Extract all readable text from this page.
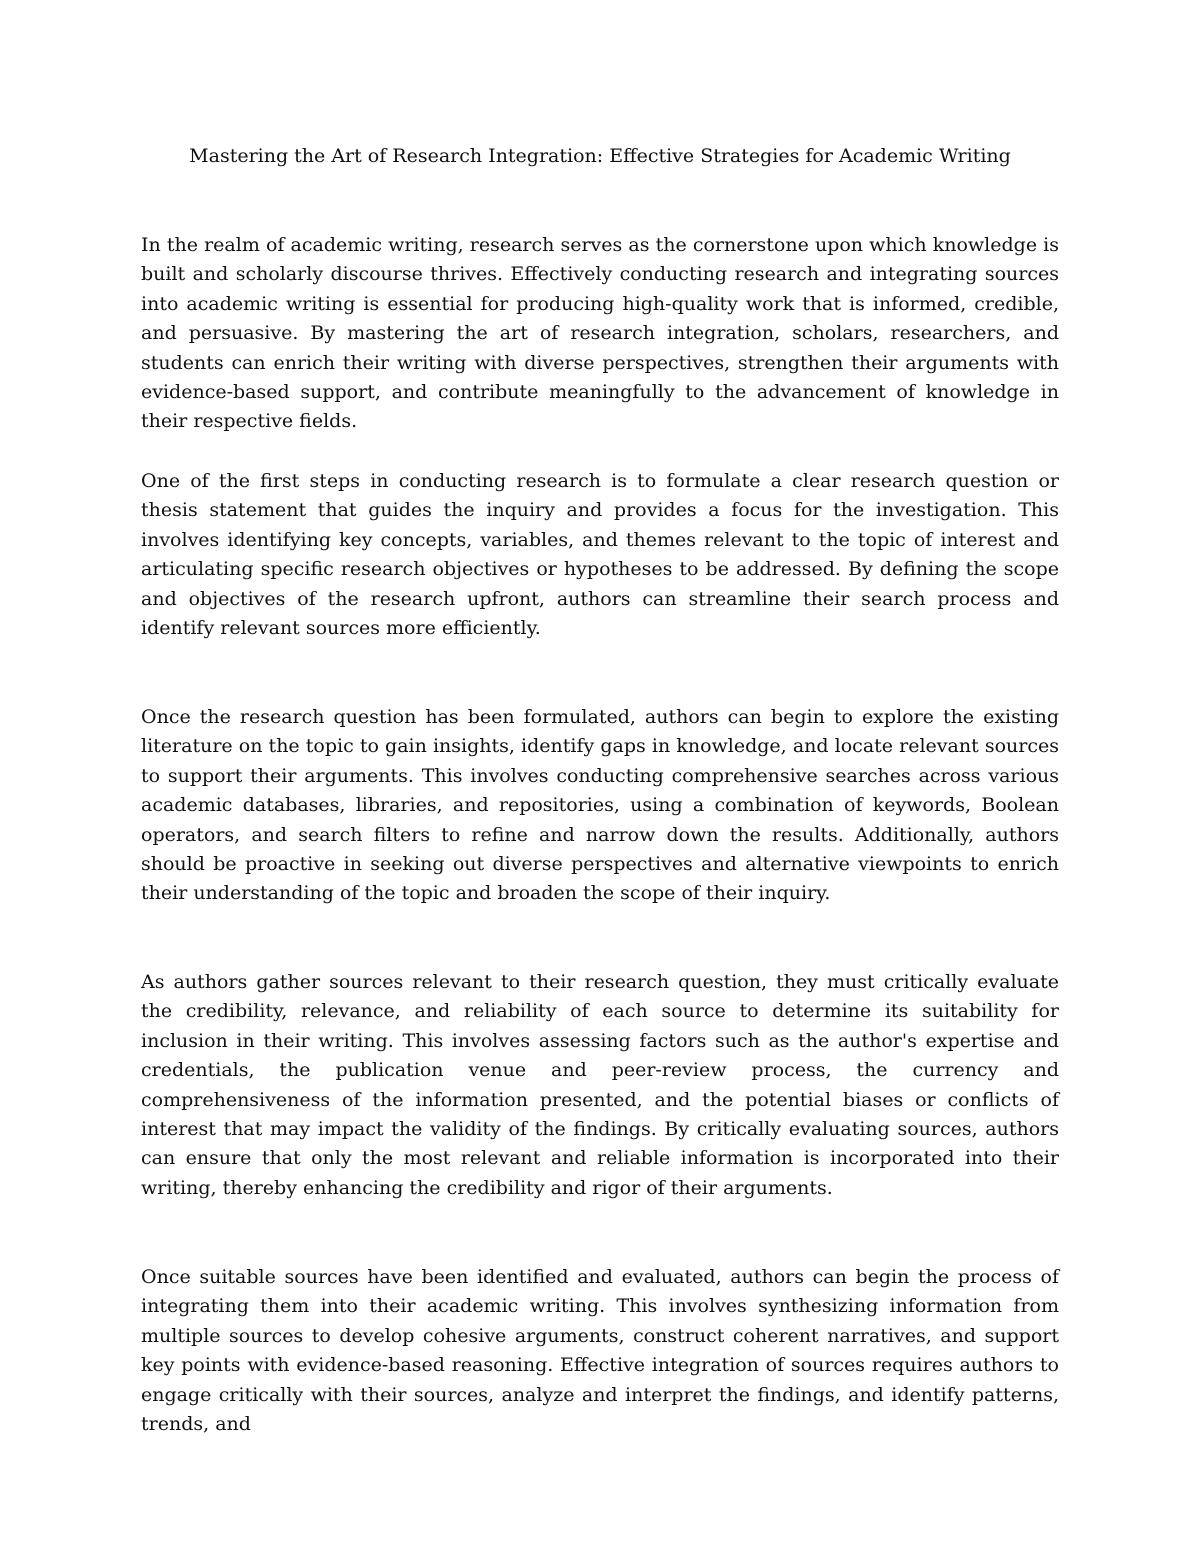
Mastering the Art of Research Integration: Effective Strategies for Academic Writing

In the realm of academic writing, research serves as the cornerstone upon which knowledge is built and scholarly discourse thrives. Effectively conducting research and integrating sources into academic writing is essential for producing high-quality work that is informed, credible, and persuasive. By mastering the art of research integration, scholars, researchers, and students can enrich their writing with diverse perspectives, strengthen their arguments with evidence-based support, and contribute meaningfully to the advancement of knowledge in their respective fields.

One of the first steps in conducting research is to formulate a clear research question or thesis statement that guides the inquiry and provides a focus for the investigation. This involves identifying key concepts, variables, and themes relevant to the topic of interest and articulating specific research objectives or hypotheses to be addressed. By defining the scope and objectives of the research upfront, authors can streamline their search process and identify relevant sources more efficiently.

Once the research question has been formulated, authors can begin to explore the existing literature on the topic to gain insights, identify gaps in knowledge, and locate relevant sources to support their arguments. This involves conducting comprehensive searches across various academic databases, libraries, and repositories, using a combination of keywords, Boolean operators, and search filters to refine and narrow down the results. Additionally, authors should be proactive in seeking out diverse perspectives and alternative viewpoints to enrich their understanding of the topic and broaden the scope of their inquiry.

As authors gather sources relevant to their research question, they must critically evaluate the credibility, relevance, and reliability of each source to determine its suitability for inclusion in their writing. This involves assessing factors such as the author's expertise and credentials, the publication venue and peer-review process, the currency and comprehensiveness of the information presented, and the potential biases or conflicts of interest that may impact the validity of the findings. By critically evaluating sources, authors can ensure that only the most relevant and reliable information is incorporated into their writing, thereby enhancing the credibility and rigor of their arguments.

Once suitable sources have been identified and evaluated, authors can begin the process of integrating them into their academic writing. This involves synthesizing information from multiple sources to develop cohesive arguments, construct coherent narratives, and support key points with evidence-based reasoning. Effective integration of sources requires authors to engage critically with their sources, analyze and interpret the findings, and identify patterns, trends, and
